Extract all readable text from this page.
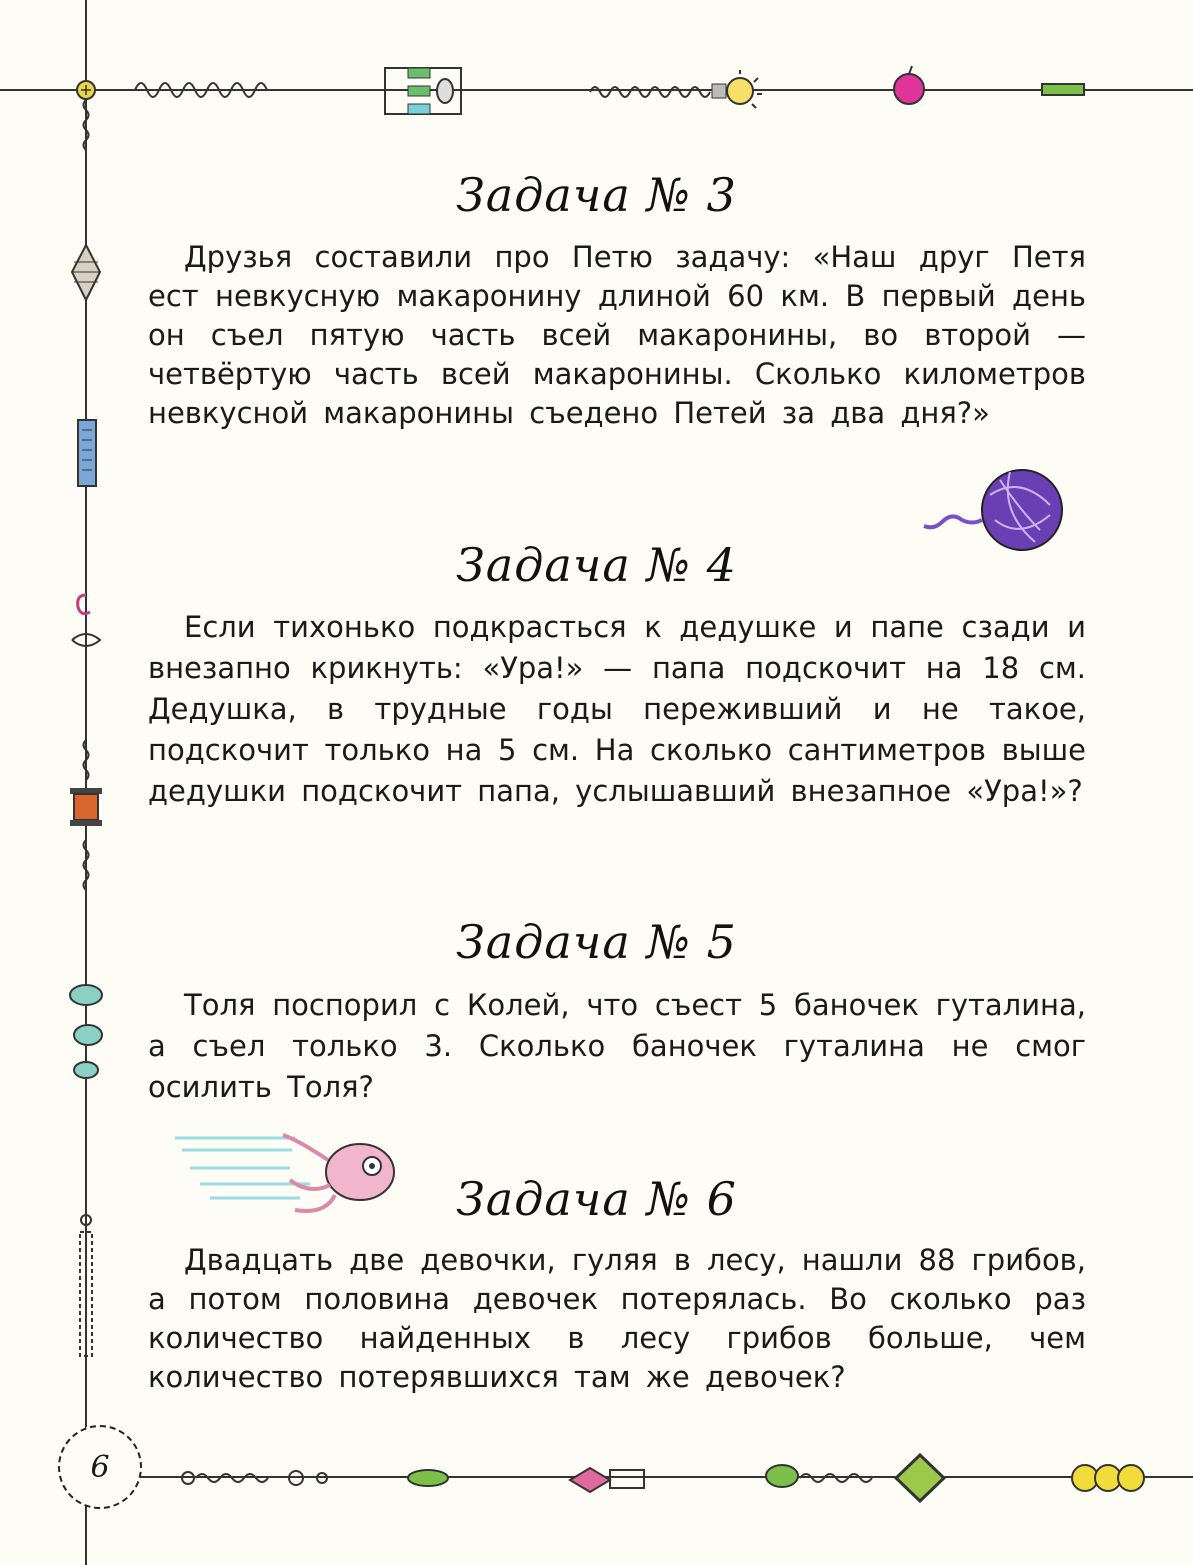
Задача № 3

Друзья составили про Петю задачу: «Наш друг Петя ест невкусную макаронину длиной 60 км. В первый день он съел пятую часть всей макаронины, во второй — четвёртую часть всей макаронины. Сколько километров невкусной макаронины съедено Петей за два дня?»

Задача № 4

Если тихонько подкрасться к дедушке и папе сзади и внезапно крикнуть: «Ура!» — папа подскочит на 18 см. Дедушка, в трудные годы переживший и не такое, подскочит только на 5 см. На сколько сантиметров выше дедушки подскочит папа, услышавший внезапное «Ура!»?

Задача № 5

Толя поспорил с Колей, что съест 5 баночек гуталина, а съел только 3. Сколько баночек гуталина не смог осилить Толя?

Задача № 6

Двадцать две девочки, гуляя в лесу, нашли 88 грибов, а потом половина девочек потерялась. Во сколько раз количество найденных в лесу грибов больше, чем количество потерявшихся там же девочек?

6
